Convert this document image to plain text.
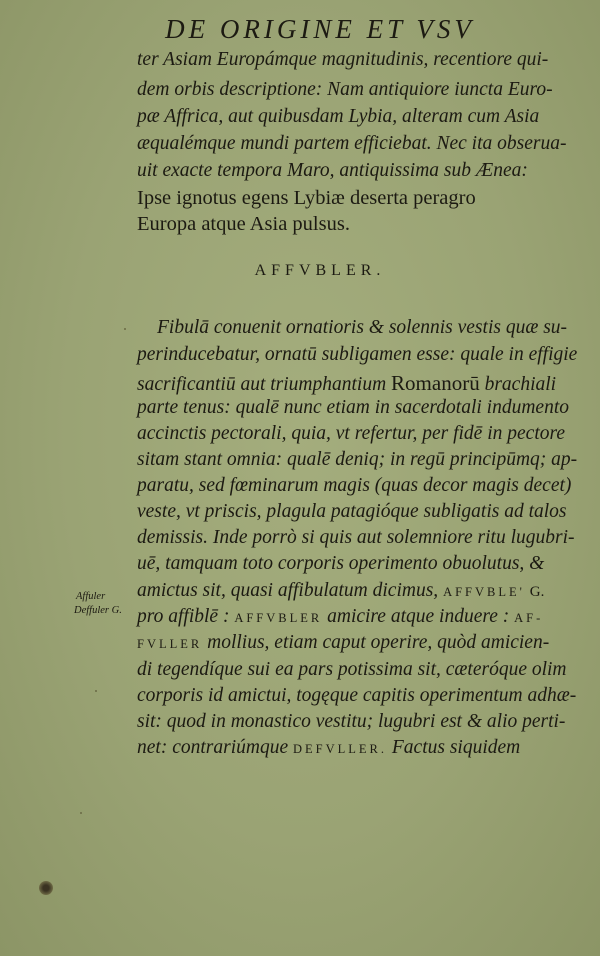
DE ORIGINE ET VSV
ter Asiam Europámque magnitudinis, recentiore qui-
dem orbis descriptione: Nam antiquiore iuncta Euro-
pæ Affrica, aut quibusdam Lybia, alteram cum Asia
æqualémque mundi partem efficiebat. Nec ita obserua-
uit exacte tempora Maro, antiquissima sub Ænea:
Ipse ignotus egens Lybiæ deserta peragro
Europa atque Asia pulsus.
AFFVBLER.
Fibulā conuenit ornatioris & solennis vestis quæ su-
perinducebatur, ornatū subligamen esse: quale in effigie
sacrificantiū aut triumphantium Romanorū brachiali
parte tenus: qualē nunc etiam in sacerdotali indumento
accinctis pectorali, quia, vt refertur, per fidē in pectore
sitam stant omnia: qualē deniq; in regū principūmq; ap-
paratu, sed fœminarum magis (quas decor magis decet)
veste, vt priscis, plagula patagióque subligatis ad talos
demissis. Inde porrò si quis aut solemniore ritu lugubri-
uē, tamquam toto corporis operimento obuolutus, &
amictus sit, quasi affibulatum dicimus, AFFVBLE' G.
pro affiblē : AFFVBLER amicire atque induere : AF-
FVLLER mollius, etiam caput operire, quòd amicien-
di tegendíque sui ea pars potissima sit, cæteróque olim
corporis id amictui, togęque capitis operimentum adhæ-
sit: quod in monastico vestitu; lugubri est & alio perti-
net: contrariúmque DEFVLLER. Factus siquidem
Affuler
Deffuler G.
